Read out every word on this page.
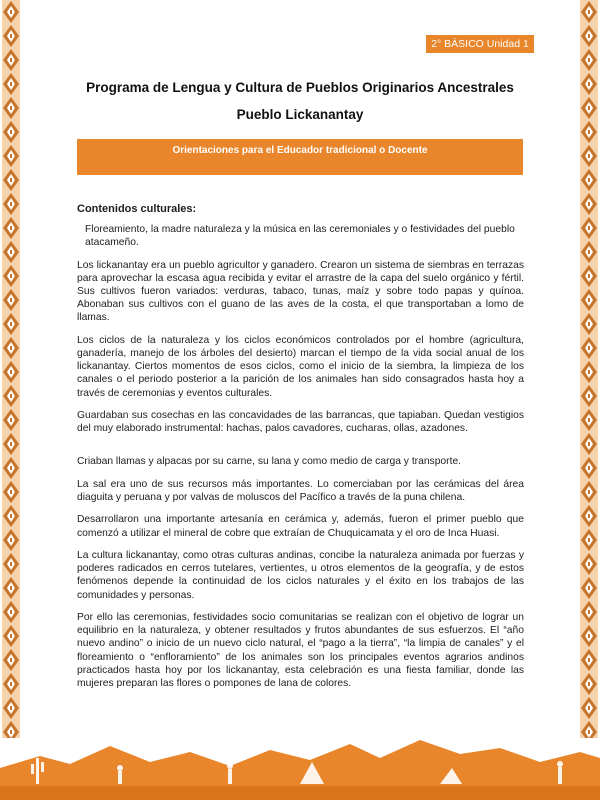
2° BÁSICO Unidad 1
Programa de Lengua y Cultura de Pueblos Originarios Ancestrales
Pueblo Lickanantay
Orientaciones para el Educador tradicional o Docente
Contenidos culturales:
Floreamiento, la madre naturaleza y la música en las ceremoniales y o festividades del pueblo atacameño.

Los lickanantay era un pueblo agricultor y ganadero. Crearon un sistema de siembras en terrazas para aprovechar la escasa agua recibida y evitar el arrastre de la capa del suelo orgánico y fértil. Sus cultivos fueron variados: verduras, tabaco, tunas, maíz y sobre todo papas y quínoa. Abonaban sus cultivos con el guano de las aves de la costa, el que transportaban a lomo de llamas.

Los ciclos de la naturaleza y los ciclos económicos controlados por el hombre (agricultura, ganadería, manejo de los árboles del desierto) marcan el tiempo de la vida social anual de los lickanantay. Ciertos momentos de esos ciclos, como el inicio de la siembra, la limpieza de los canales o el periodo posterior a la parición de los animales han sido consagrados hasta hoy a través de ceremonias y eventos culturales.

Guardaban sus cosechas en las concavidades de las barrancas, que tapiaban. Quedan vestigios del muy elaborado instrumental: hachas, palos cavadores, cucharas, ollas, azadones.

Criaban llamas y alpacas por su carne, su lana y como medio de carga y transporte.

La sal era uno de sus recursos más importantes. Lo comerciaban por las cerámicas del área diaguita y peruana y por valvas de moluscos del Pacífico a través de la puna chilena.

Desarrollaron una importante artesanía en cerámica y, además, fueron el primer pueblo que comenzó a utilizar el mineral de cobre que extraían de Chuquicamata y el oro de Inca Huasi.

La cultura lickanantay, como otras culturas andinas, concibe la naturaleza animada por fuerzas y poderes radicados en cerros tutelares, vertientes, u otros elementos de la geografía, y de estos fenómenos depende la continuidad de los ciclos naturales y el éxito en los trabajos de las comunidades y personas.

Por ello las ceremonias, festividades socio comunitarias se realizan con el objetivo de lograr un equilibrio en la naturaleza, y obtener resultados y frutos abundantes de sus esfuerzos. El “año nuevo andino” o inicio de un nuevo ciclo natural, el “pago a la tierra”, “la limpia de canales” y el floreamiento o “enfloramiento” de los animales son los principales eventos agrarios andinos practicados hasta hoy por los lickanantay, esta celebración es una fiesta familiar, donde las mujeres preparan las flores o pompones de lana de colores.
